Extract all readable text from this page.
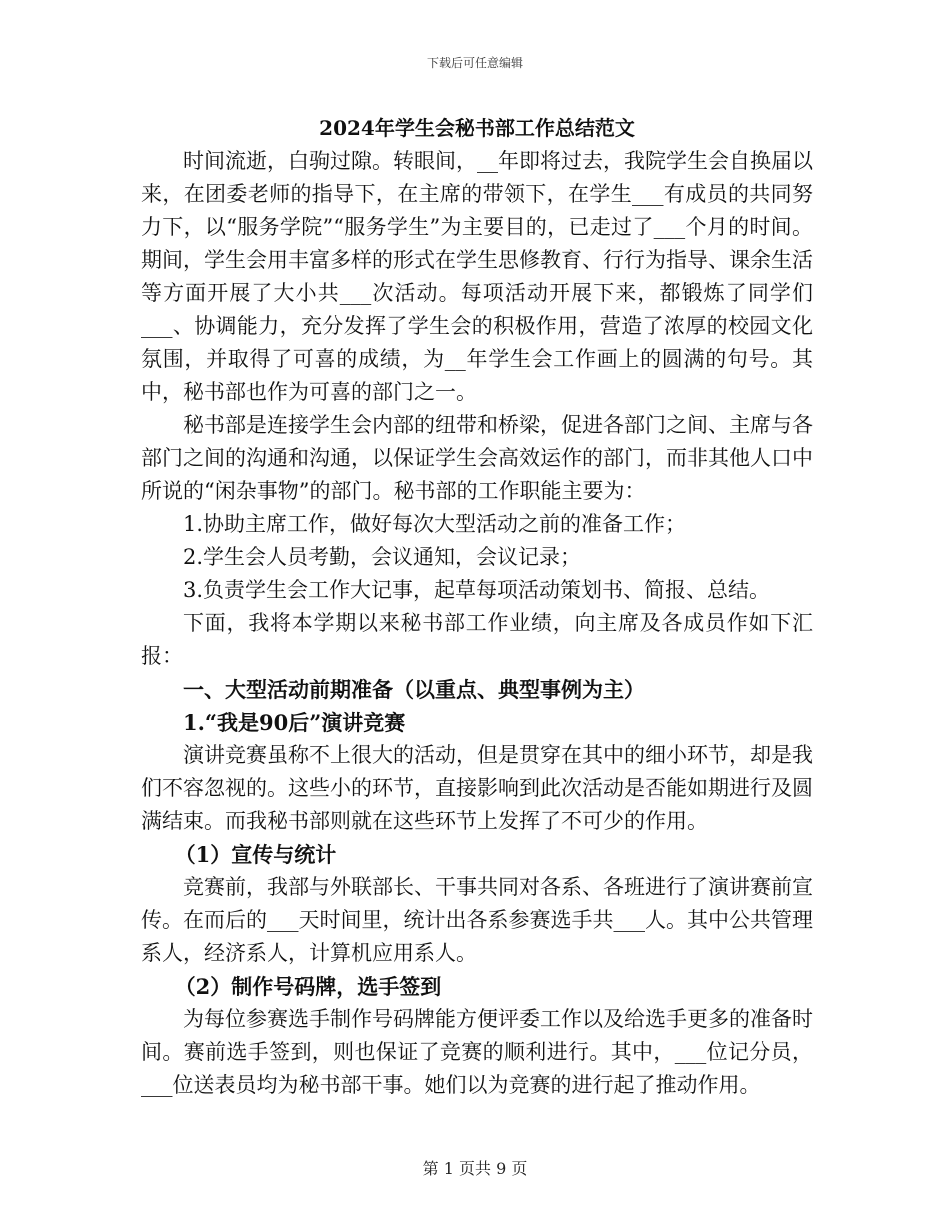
下载后可任意编辑

2024年学生会秘书部工作总结范文

时间流逝，白驹过隙。转眼间，__年即将过去，我院学生会自换届以来，在团委老师的指导下，在主席的带领下，在学生___有成员的共同努力下，以“服务学院”“服务学生”为主要目的，已走过了___个月的时间。期间，学生会用丰富多样的形式在学生思修教育、行行为指导、课余生活等方面开展了大小共___次活动。每项活动开展下来，都锻炼了同学们___、协调能力，充分发挥了学生会的积极作用，营造了浓厚的校园文化氛围，并取得了可喜的成绩，为__年学生会工作画上的圆满的句号。其中，秘书部也作为可喜的部门之一。

秘书部是连接学生会内部的纽带和桥梁，促进各部门之间、主席与各部门之间的沟通和沟通，以保证学生会高效运作的部门，而非其他人口中所说的“闲杂事物”的部门。秘书部的工作职能主要为：

1.协助主席工作，做好每次大型活动之前的准备工作；

2.学生会人员考勤，会议通知，会议记录；

3.负责学生会工作大记事，起草每项活动策划书、简报、总结。

下面，我将本学期以来秘书部工作业绩，向主席及各成员作如下汇报：

一、大型活动前期准备（以重点、典型事例为主）

1.“我是90后”演讲竞赛

演讲竞赛虽称不上很大的活动，但是贯穿在其中的细小环节，却是我们不容忽视的。这些小的环节，直接影响到此次活动是否能如期进行及圆满结束。而我秘书部则就在这些环节上发挥了不可少的作用。

（1）宣传与统计

竞赛前，我部与外联部长、干事共同对各系、各班进行了演讲赛前宣传。在而后的___天时间里，统计出各系参赛选手共___人。其中公共管理系人，经济系人，计算机应用系人。

（2）制作号码牌，选手签到

为每位参赛选手制作号码牌能方便评委工作以及给选手更多的准备时间。赛前选手签到，则也保证了竞赛的顺利进行。其中，___位记分员，___位送表员均为秘书部干事。她们以为竞赛的进行起了推动作用。

第 1 页共 9 页
